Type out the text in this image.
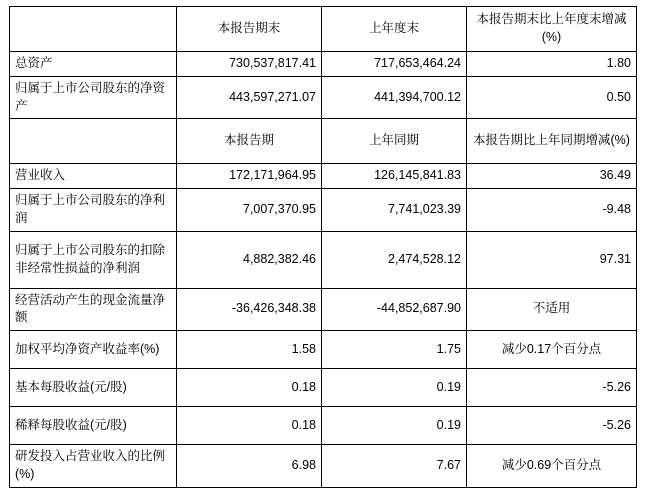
	本报告期末	上年度末	本报告期末比上年度末增减(%)
总资产	730,537,817.41	717,653,464.24	1.80
归属于上市公司股东的净资产	443,597,271.07	441,394,700.12	0.50
	本报告期	上年同期	本报告期比上年同期增减(%)
营业收入	172,171,964.95	126,145,841.83	36.49
归属于上市公司股东的净利润	7,007,370.95	7,741,023.39	-9.48
归属于上市公司股东的扣除非经常性损益的净利润	4,882,382.46	2,474,528.12	97.31
经营活动产生的现金流量净额	-36,426,348.38	-44,852,687.90	不适用
加权平均净资产收益率(%)	1.58	1.75	减少0.17个百分点
基本每股收益(元/股)	0.18	0.19	-5.26
稀释每股收益(元/股)	0.18	0.19	-5.26
研发投入占营业收入的比例(%)	6.98	7.67	减少0.69个百分点
